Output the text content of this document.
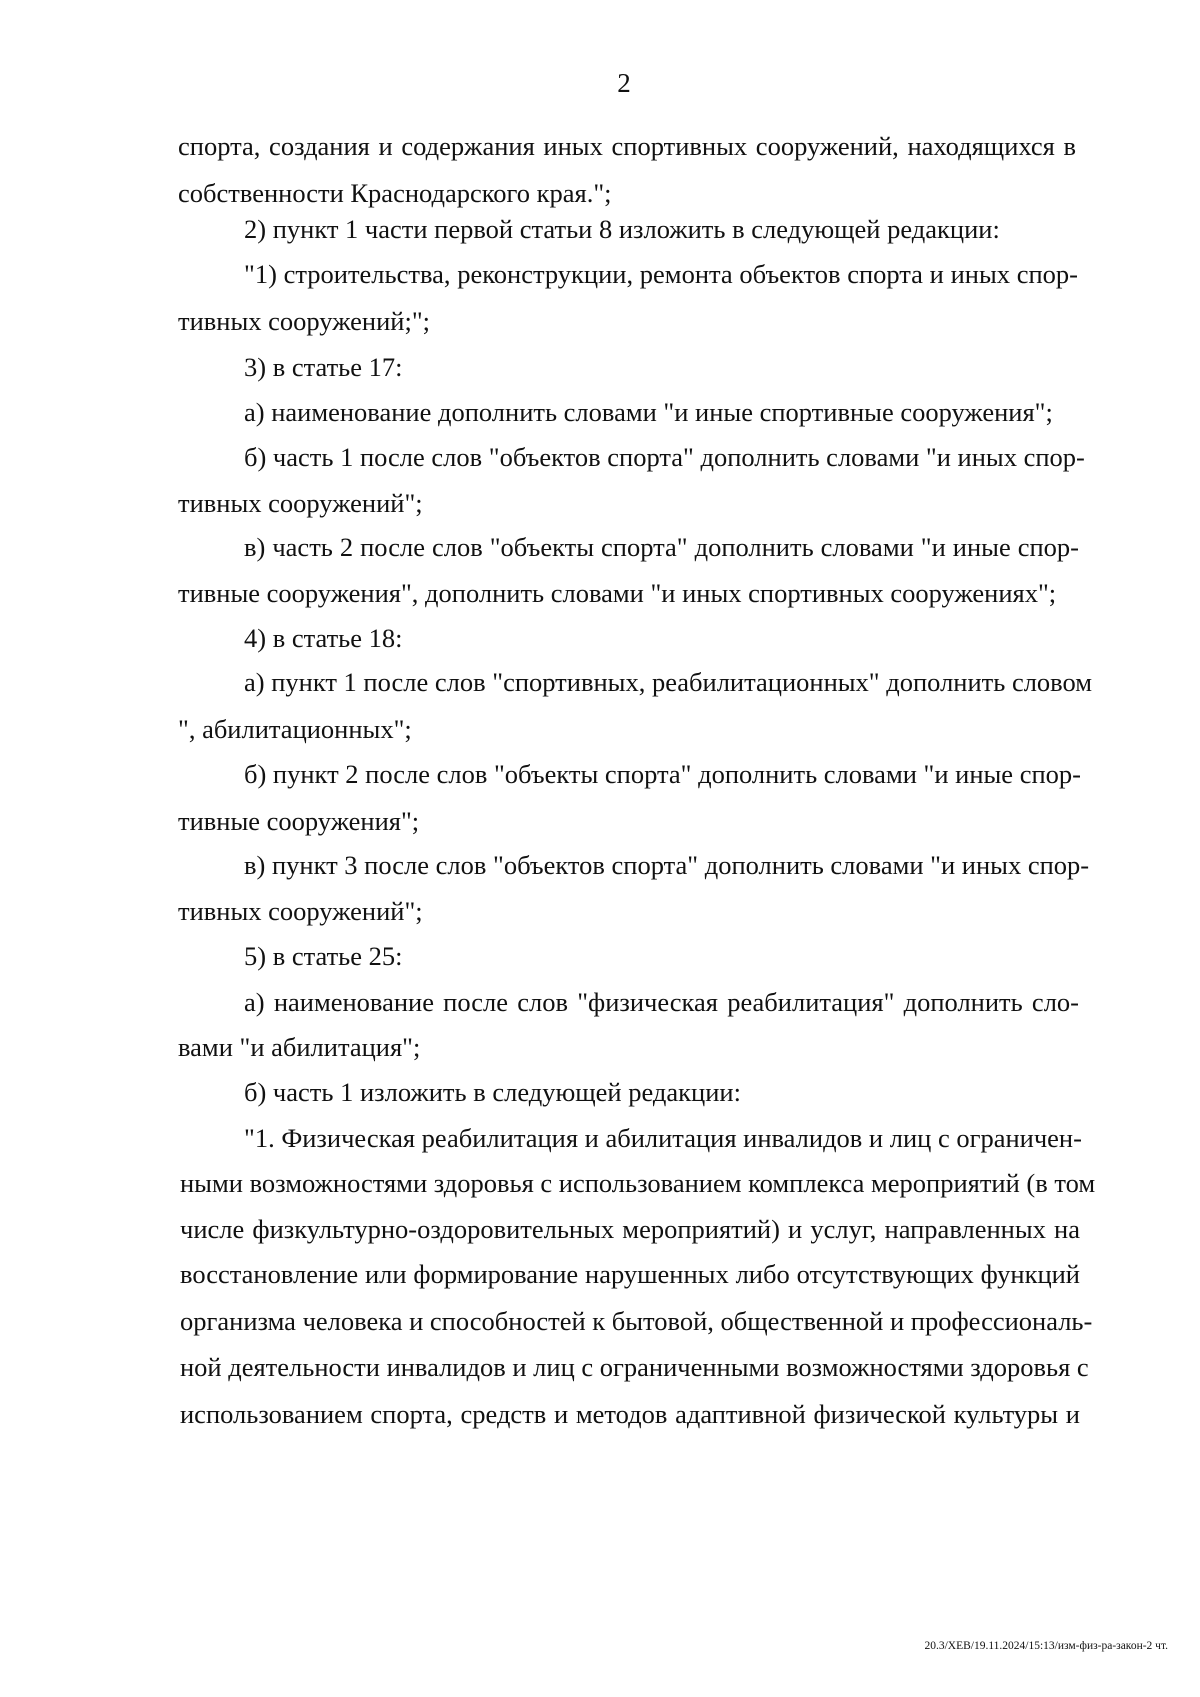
2
спорта, создания и содержания иных спортивных сооружений, находящихся в
собственности Краснодарского края.";
2) пункт 1 части первой статьи 8 изложить в следующей редакции:
"1) строительства, реконструкции, ремонта объектов спорта и иных спор-
тивных сооружений;";
3) в статье 17:
а) наименование дополнить словами "и иные спортивные сооружения";
б) часть 1 после слов "объектов спорта" дополнить словами "и иных спор-
тивных сооружений";
в) часть 2 после слов "объекты спорта" дополнить словами "и иные спор-
тивные сооружения", дополнить словами "и иных спортивных сооружениях";
4) в статье 18:
а) пункт 1 после слов "спортивных, реабилитационных" дополнить словом
", абилитационных";
б) пункт 2 после слов "объекты спорта" дополнить словами "и иные спор-
тивные сооружения";
в) пункт 3 после слов "объектов спорта" дополнить словами "и иных спор-
тивных сооружений";
5) в статье 25:
а) наименование после слов "физическая реабилитация" дополнить сло-
вами "и абилитация";
б) часть 1 изложить в следующей редакции:
"1. Физическая реабилитация и абилитация инвалидов и лиц с ограничен-
ными возможностями здоровья с использованием комплекса мероприятий (в том
числе физкультурно-оздоровительных мероприятий) и услуг, направленных на
восстановление или формирование нарушенных либо отсутствующих функций
организма человека и способностей к бытовой, общественной и профессиональ-
ной деятельности инвалидов и лиц с ограниченными возможностями здоровья с
использованием спорта, средств и методов адаптивной физической культуры и
20.3/ХЕВ/19.11.2024/15:13/изм-физ-ра-закон-2 чт.
